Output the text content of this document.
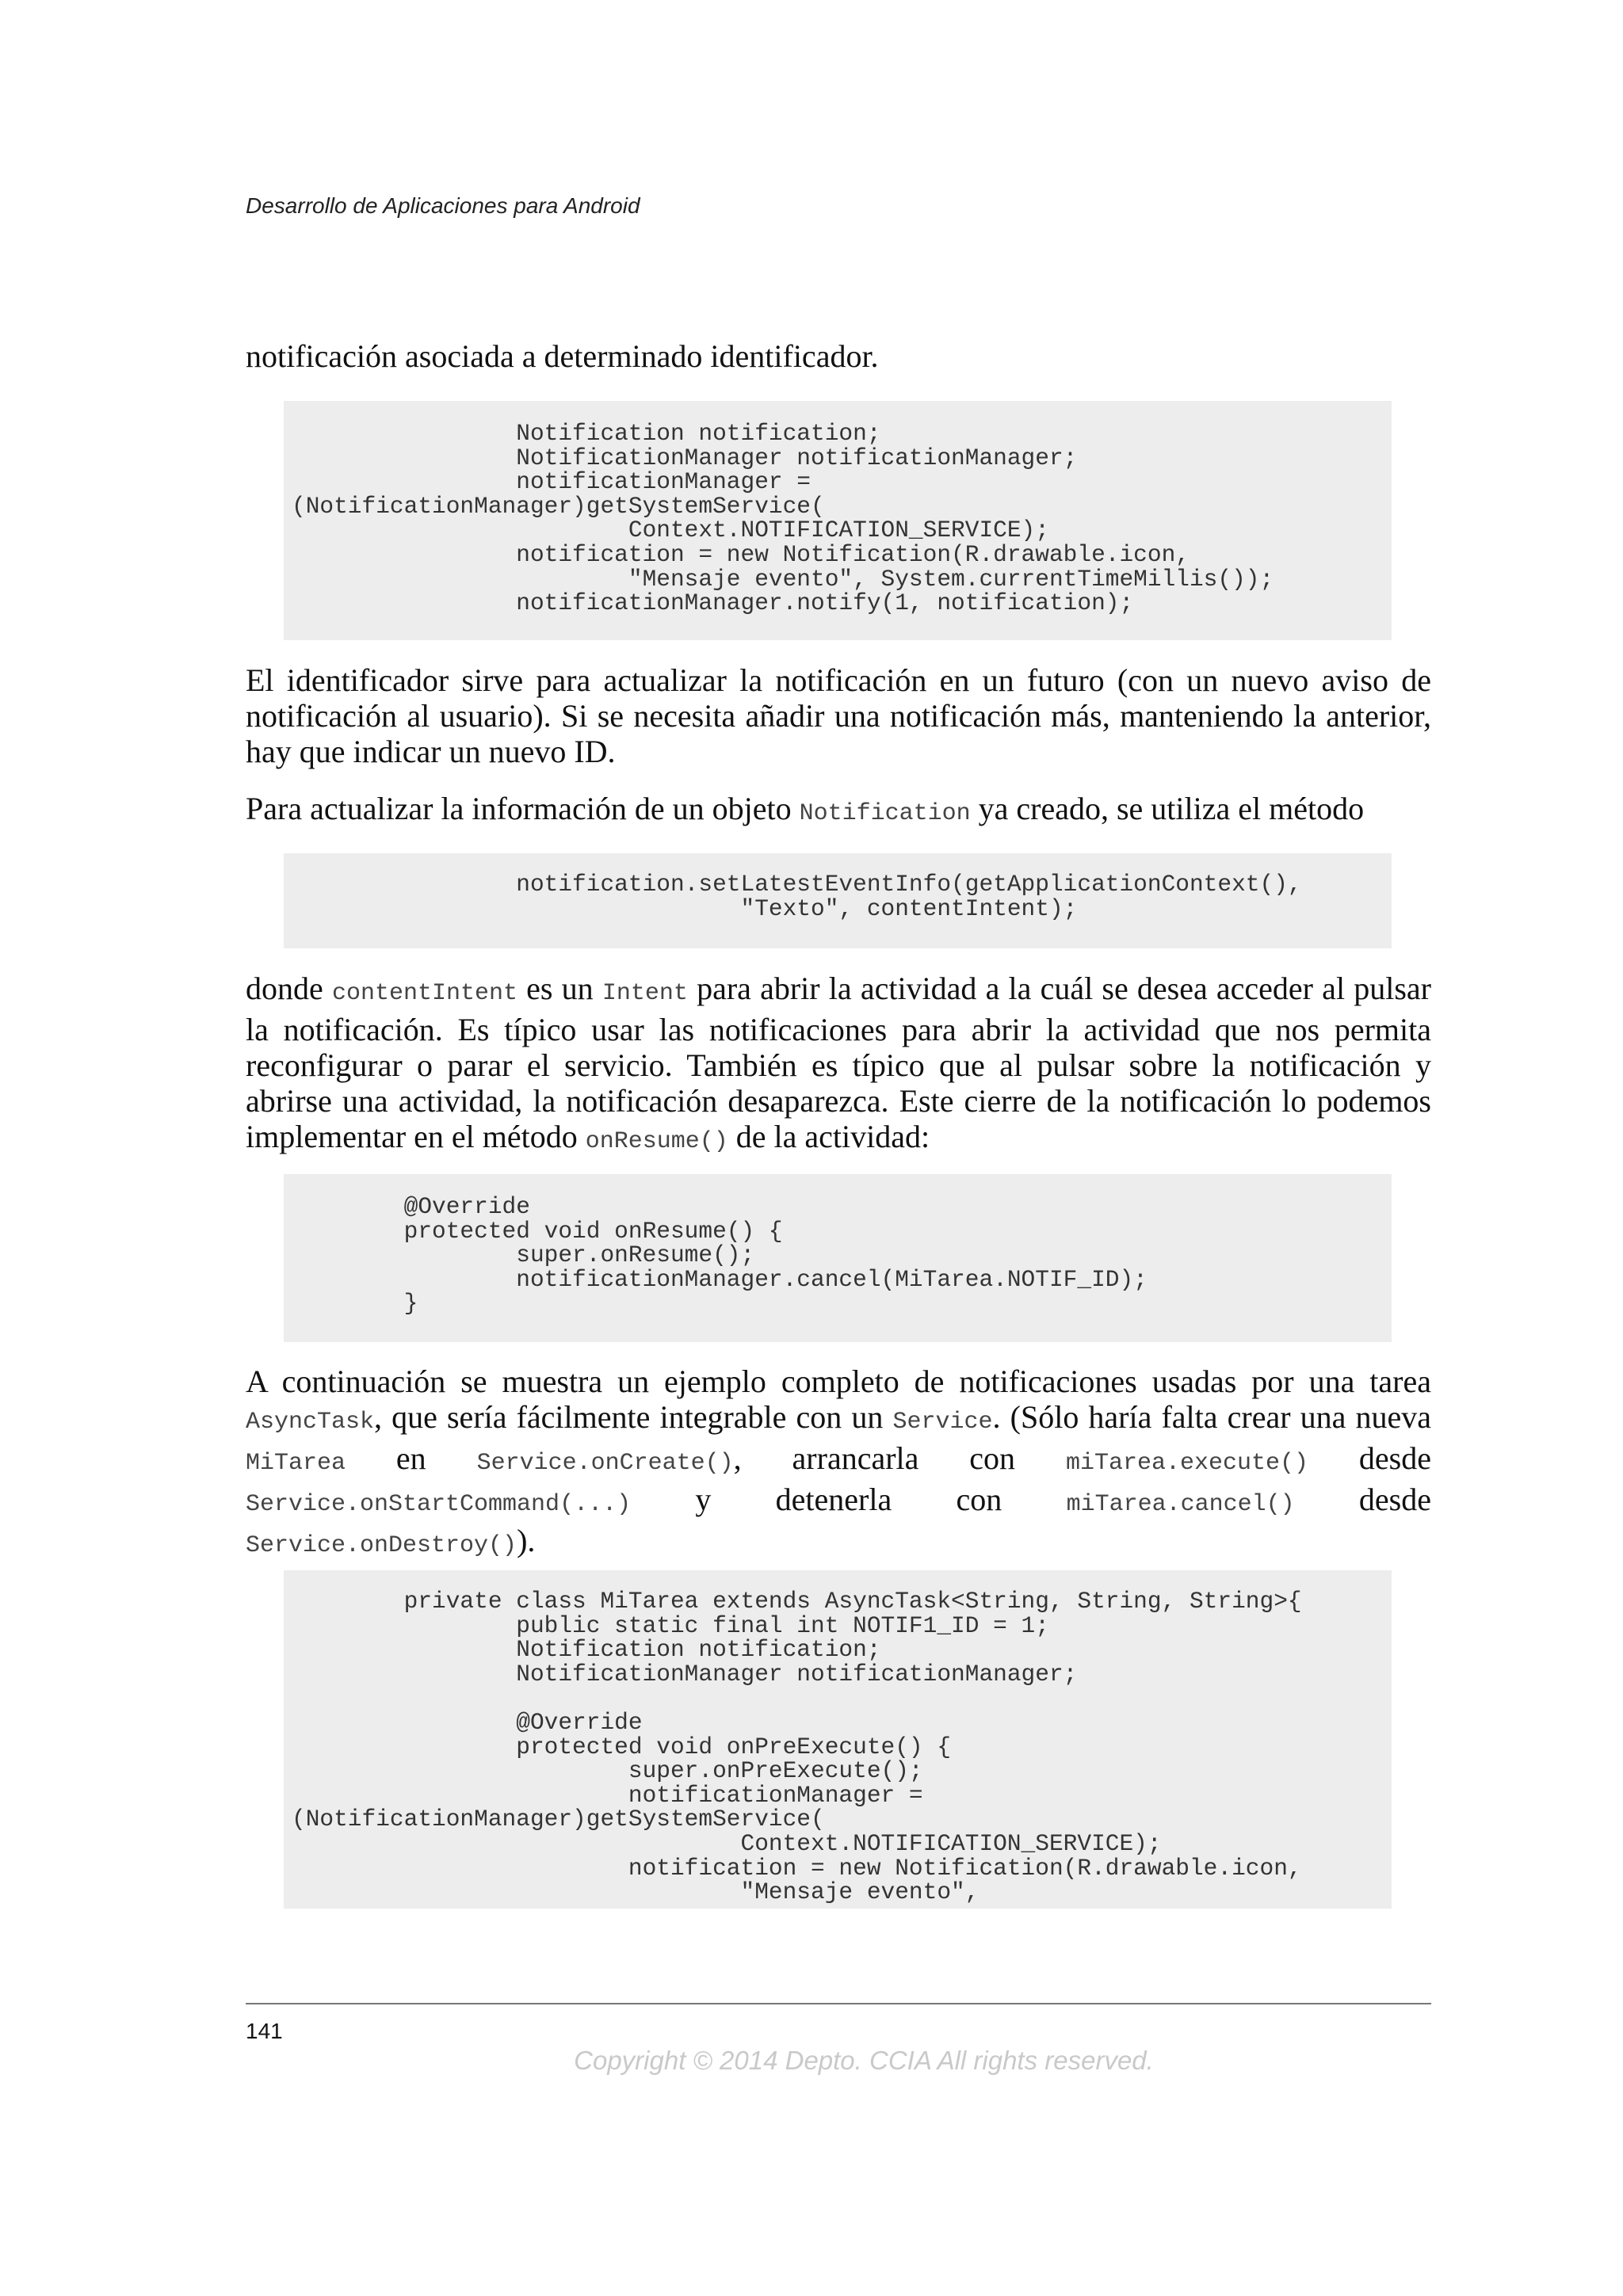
Desarrollo de Aplicaciones para Android

notificación asociada a determinado identificador.

Notification notification;
NotificationManager notificationManager;
notificationManager =
(NotificationManager)getSystemService(
Context.NOTIFICATION_SERVICE);
notification = new Notification(R.drawable.icon,
"Mensaje evento", System.currentTimeMillis());
notificationManager.notify(1, notification);

El identificador sirve para actualizar la notificación en un futuro (con un nuevo aviso de notificación al usuario). Si se necesita añadir una notificación más, manteniendo la anterior, hay que indicar un nuevo ID.

Para actualizar la información de un objeto Notification ya creado, se utiliza el método

notification.setLatestEventInfo(getApplicationContext(),
"Texto", contentIntent);

donde contentIntent es un Intent para abrir la actividad a la cuál se desea acceder al pulsar la notificación. Es típico usar las notificaciones para abrir la actividad que nos permita reconfigurar o parar el servicio. También es típico que al pulsar sobre la notificación y abrirse una actividad, la notificación desaparezca. Este cierre de la notificación lo podemos implementar en el método onResume() de la actividad:

@Override
protected void onResume() {
super.onResume();
notificationManager.cancel(MiTarea.NOTIF_ID);
}

A continuación se muestra un ejemplo completo de notificaciones usadas por una tarea AsyncTask, que sería fácilmente integrable con un Service. (Sólo haría falta crear una nueva MiTarea en Service.onCreate(), arrancarla con miTarea.execute() desde Service.onStartCommand(...) y detenerla con miTarea.cancel() desde Service.onDestroy()).

private class MiTarea extends AsyncTask<String, String, String>{
public static final int NOTIF1_ID = 1;
Notification notification;
NotificationManager notificationManager;

@Override
protected void onPreExecute() {
super.onPreExecute();
notificationManager =
(NotificationManager)getSystemService(
Context.NOTIFICATION_SERVICE);
notification = new Notification(R.drawable.icon,
"Mensaje evento",
141
Copyright © 2014 Depto. CCIA All rights reserved.
